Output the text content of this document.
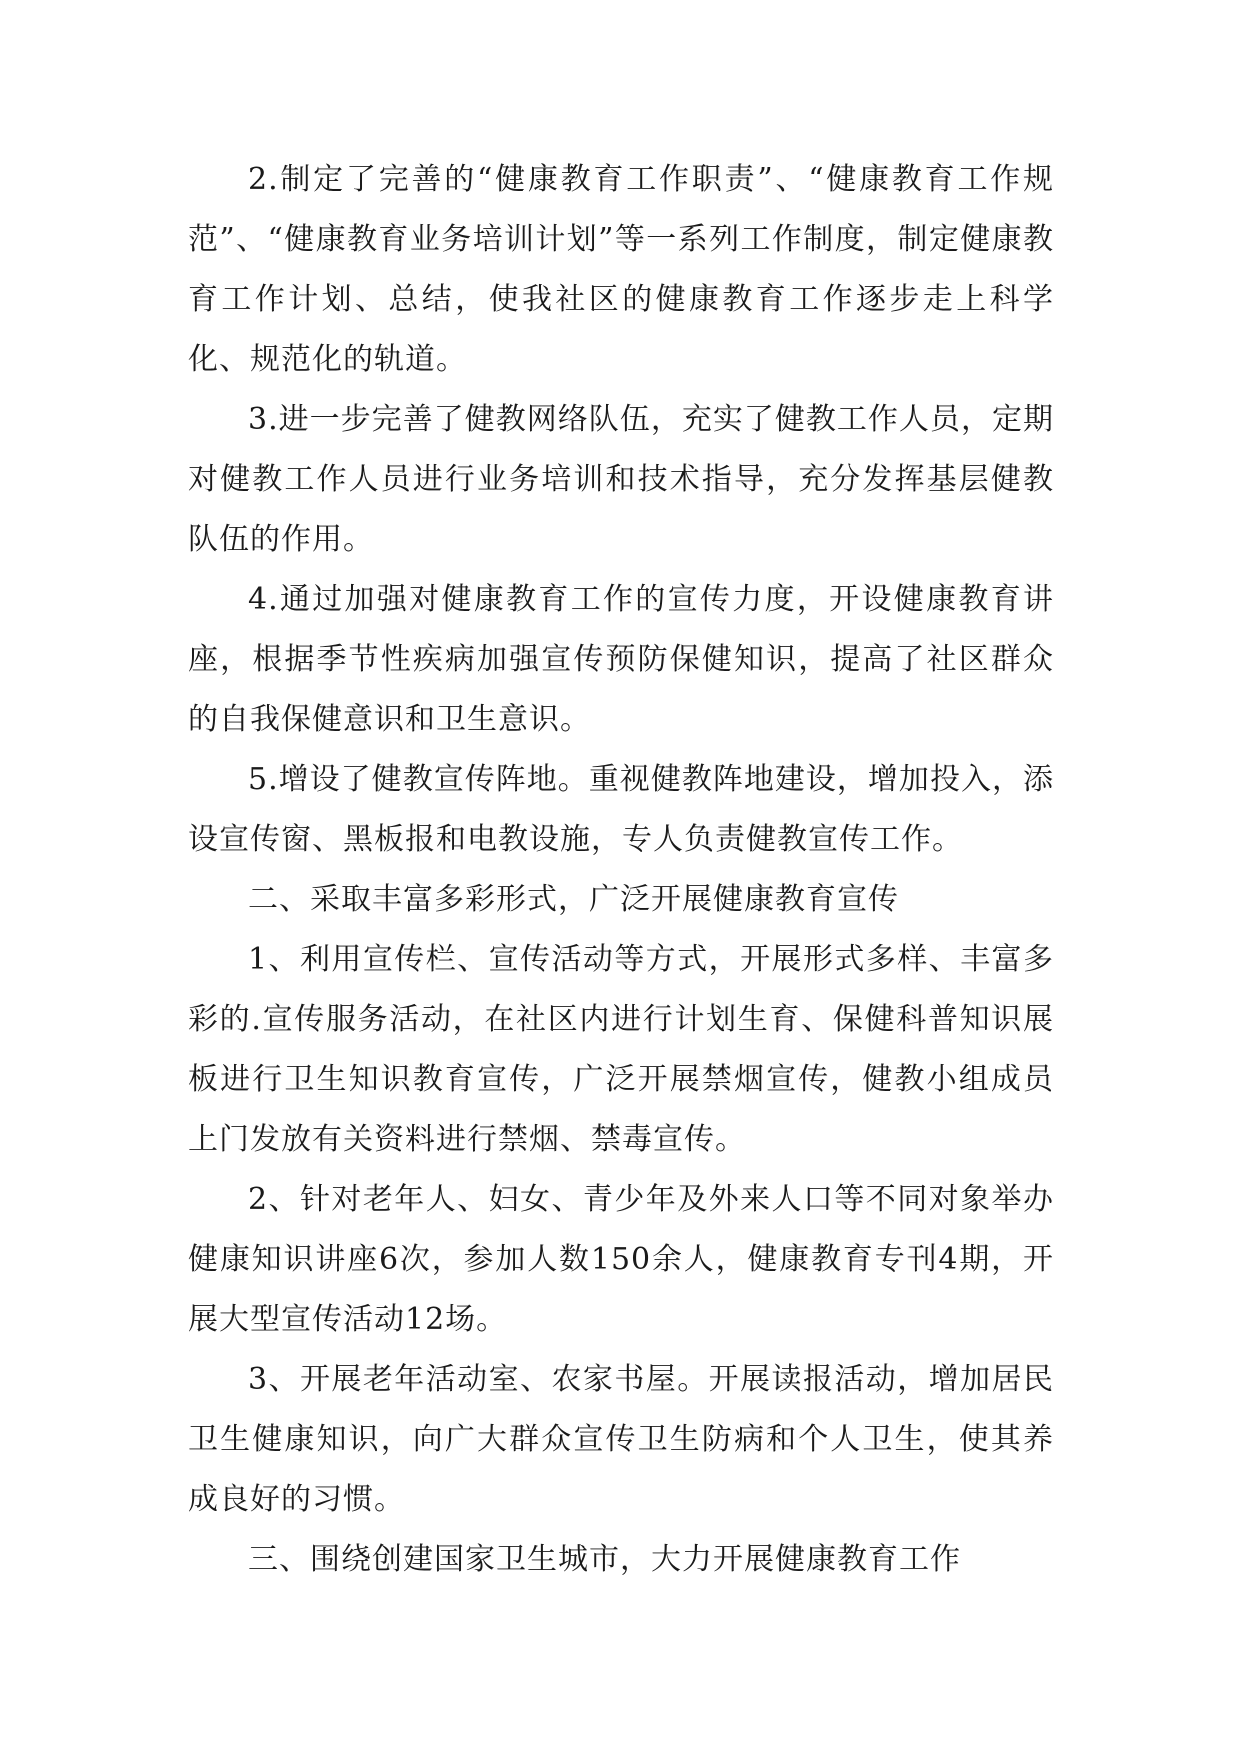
2.制定了完善的“健康教育工作职责”、“健康教育工作规范”、“健康教育业务培训计划”等一系列工作制度，制定健康教育工作计划、总结，使我社区的健康教育工作逐步走上科学化、规范化的轨道。

3.进一步完善了健教网络队伍，充实了健教工作人员，定期对健教工作人员进行业务培训和技术指导，充分发挥基层健教队伍的作用。

4.通过加强对健康教育工作的宣传力度，开设健康教育讲座，根据季节性疾病加强宣传预防保健知识，提高了社区群众的自我保健意识和卫生意识。

5.增设了健教宣传阵地。重视健教阵地建设，增加投入，添设宣传窗、黑板报和电教设施，专人负责健教宣传工作。

二、采取丰富多彩形式，广泛开展健康教育宣传

1、利用宣传栏、宣传活动等方式，开展形式多样、丰富多彩的.宣传服务活动，在社区内进行计划生育、保健科普知识展板进行卫生知识教育宣传，广泛开展禁烟宣传，健教小组成员上门发放有关资料进行禁烟、禁毒宣传。

2、针对老年人、妇女、青少年及外来人口等不同对象举办健康知识讲座6次，参加人数150余人，健康教育专刊4期，开展大型宣传活动12场。

3、开展老年活动室、农家书屋。开展读报活动，增加居民卫生健康知识，向广大群众宣传卫生防病和个人卫生，使其养成良好的习惯。

三、围绕创建国家卫生城市，大力开展健康教育工作
